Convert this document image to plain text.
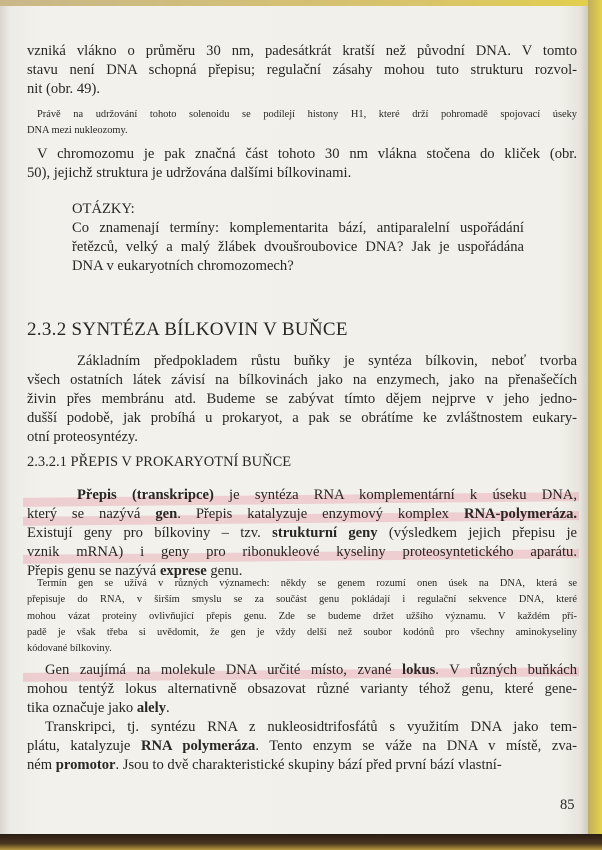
vzniká vlákno o průměru 30 nm, padesátkrát kratší než původní DNA. V tomto
stavu není DNA schopná přepisu; regulační zásahy mohou tuto strukturu rozvol-
nit (obr. 49).
Právě na udržování tohoto solenoidu se podílejí histony H1, které drží pohromadě spojovací úseky
DNA mezi nukleozomy.
V chromozomu je pak značná část tohoto 30 nm vlákna stočena do kliček (obr.
50), jejichž struktura je udržována dalšími bílkovinami.
OTÁZKY:
Co znamenají termíny: komplementarita bází, antiparalelní uspořádání
řetězců, velký a malý žlábek dvoušroubovice DNA? Jak je uspořádána
DNA v eukaryotních chromozomech?
2.3.2 SYNTÉZA BÍLKOVIN V BUŇCE
Základním předpokladem růstu buňky je syntéza bílkovin, neboť tvorba
všech ostatních látek závisí na bílkovinách jako na enzymech, jako na přenašečích
živin přes membránu atd. Budeme se zabývat tímto dějem nejprve v jeho jedno-
dušší podobě, jak probíhá u prokaryot, a pak se obrátíme ke zvláštnostem eukary-
otní proteosyntézy.
2.3.2.1 PŘEPIS V PROKARYOTNÍ BUŇCE
Přepis (transkripce) je syntéza RNA komplementární k úseku DNA,
který se nazývá gen. Přepis katalyzuje enzymový komplex RNA-polymeráza.
Existují geny pro bílkoviny – tzv. strukturní geny (výsledkem jejich přepisu je
vznik mRNA) i geny pro ribonukleové kyseliny proteosyntetického aparátu.
Přepis genu se nazývá exprese genu.
Termín gen se užívá v různých významech: někdy se genem rozumí onen úsek na DNA, která se
přepisuje do RNA, v širším smyslu se za součást genu pokládají i regulační sekvence DNA, které
mohou vázat proteiny ovlivňující přepis genu. Zde se budeme držet užšího významu. V každém pří-
padě je však třeba si uvědomit, že gen je vždy delší než soubor kodónů pro všechny aminokyseliny
kódované bílkoviny.
Gen zaujímá na molekule DNA určité místo, zvané lokus. V různých buňkách
mohou tentýž lokus alternativně obsazovat různé varianty téhož genu, které gene-
tika označuje jako alely.
Transkripci, tj. syntézu RNA z nukleosidtrifosfátů s využitím DNA jako tem-
plátu, katalyzuje RNA polymeráza. Tento enzym se váže na DNA v místě, zva-
ném promotor. Jsou to dvě charakteristické skupiny bází před první bází vlastní-
85
